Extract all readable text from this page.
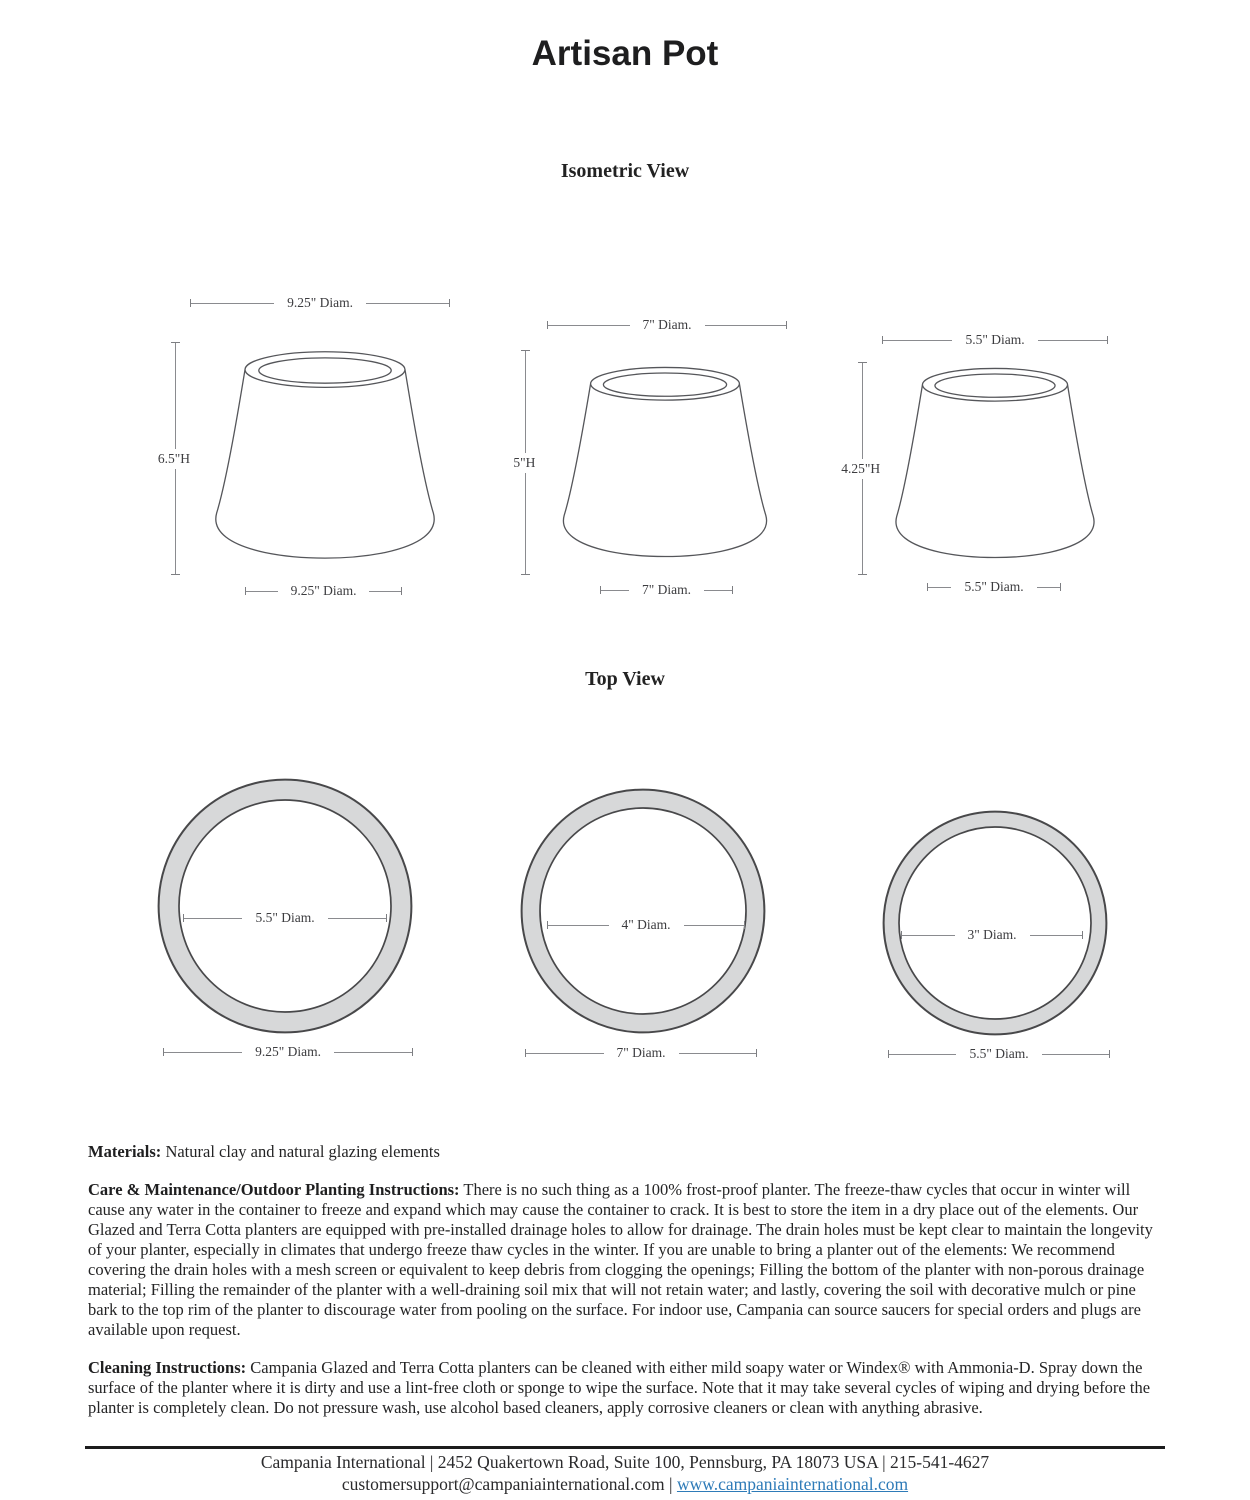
Artisan Pot
Isometric View
9.25" Diam.
6.5"H
9.25" Diam.
7" Diam.
5"H
7" Diam.
5.5" Diam.
4.25"H
5.5" Diam.
Top View
5.5" Diam.
9.25" Diam.
4" Diam.
7" Diam.
3" Diam.
5.5" Diam.

Materials: Natural clay and natural glazing elements

Care & Maintenance/Outdoor Planting Instructions: There is no such thing as a 100% frost-proof planter. The freeze-thaw cycles that occur in winter will cause any water in the container to freeze and expand which may cause the container to crack. It is best to store the item in a dry place out of the elements. Our Glazed and Terra Cotta planters are equipped with pre-installed drainage holes to allow for drainage. The drain holes must be kept clear to maintain the longevity of your planter, especially in climates that undergo freeze thaw cycles in the winter. If you are unable to bring a planter out of the elements: We recommend covering the drain holes with a mesh screen or equivalent to keep debris from clogging the openings; Filling the bottom of the planter with non-porous drainage material; Filling the remainder of the planter with a well-draining soil mix that will not retain water; and lastly, covering the soil with decorative mulch or pine bark to the top rim of the planter to discourage water from pooling on the surface. For indoor use, Campania can source saucers for special orders and plugs are available upon request.

Cleaning Instructions: Campania Glazed and Terra Cotta planters can be cleaned with either mild soapy water or Windex® with Ammonia-D. Spray down the surface of the planter where it is dirty and use a lint-free cloth or sponge to wipe the surface. Note that it may take several cycles of wiping and drying before the planter is completely clean. Do not pressure wash, use alcohol based cleaners, apply corrosive cleaners or clean with anything abrasive.

Campania International | 2452 Quakertown Road, Suite 100, Pennsburg, PA 18073 USA | 215-541-4627

customersupport@campaniainternational.com | www.campaniainternational.com
